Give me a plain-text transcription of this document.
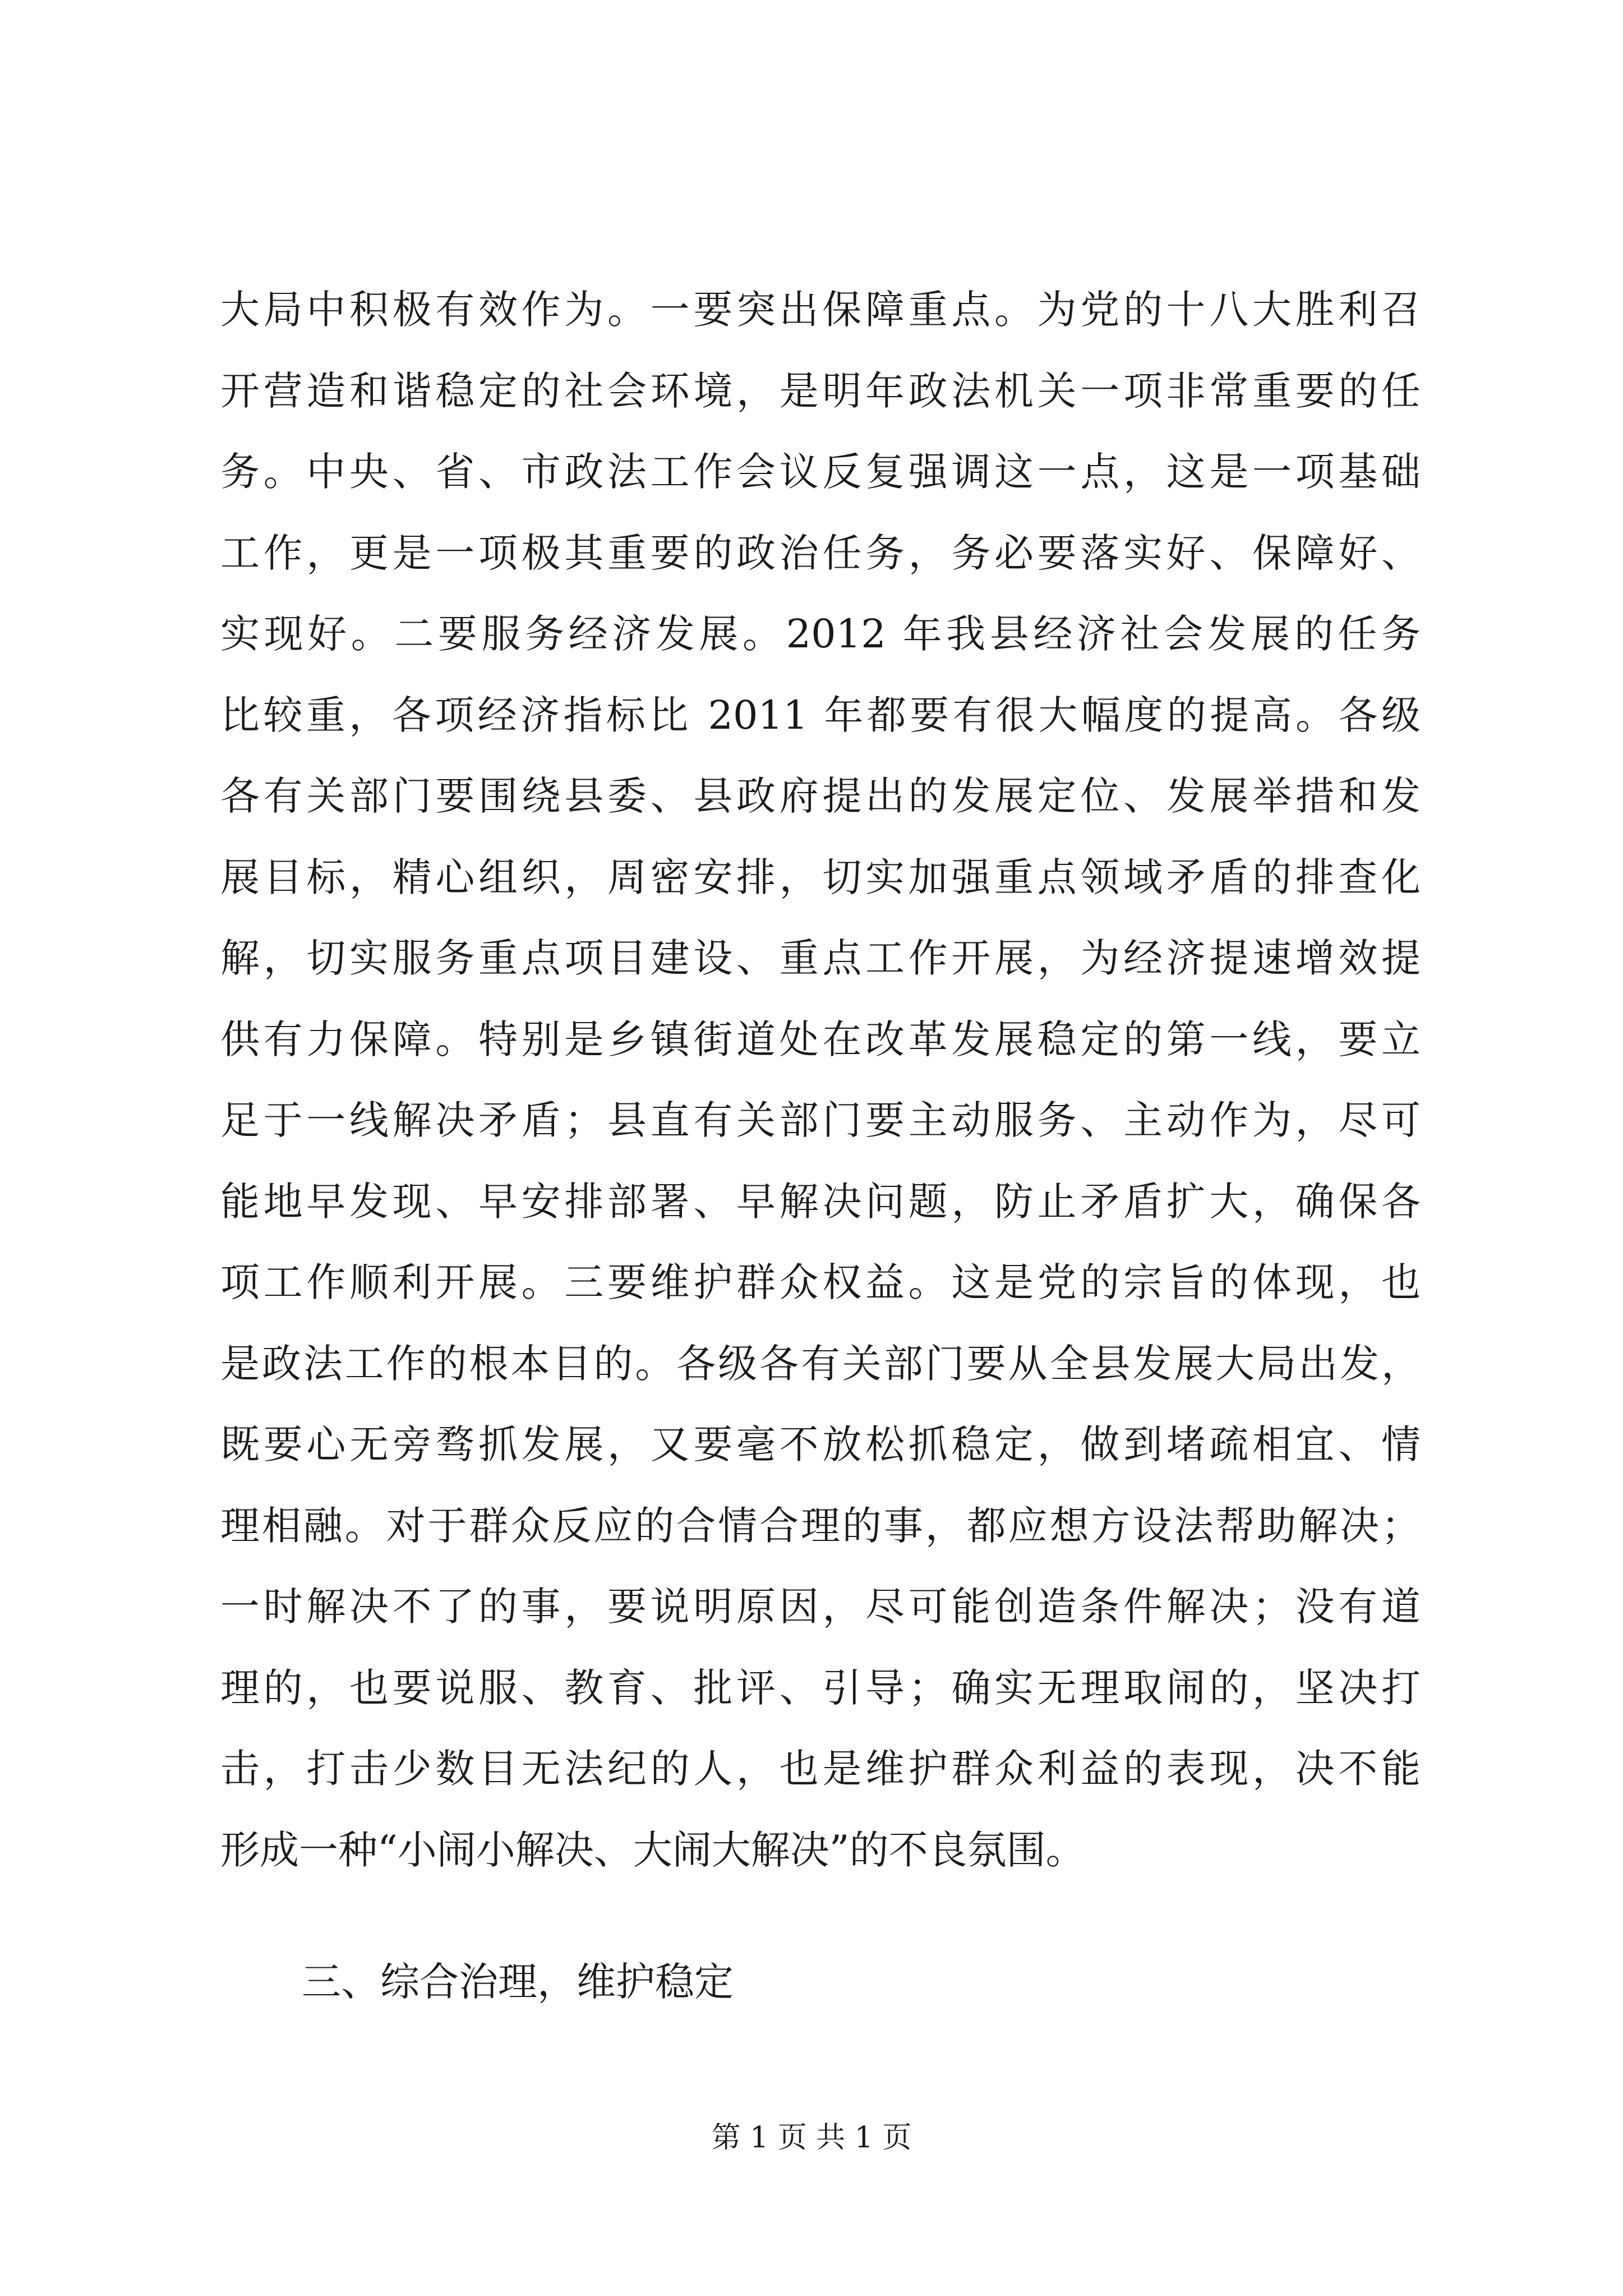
大局中积极有效作为。一要突出保障重点。为党的十八大胜利召
开营造和谐稳定的社会环境，是明年政法机关一项非常重要的任
务。中央、省、市政法工作会议反复强调这一点，这是一项基础
工作，更是一项极其重要的政治任务，务必要落实好、保障好、
实现好。二要服务经济发展。2012 年我县经济社会发展的任务
比较重，各项经济指标比 2011 年都要有很大幅度的提高。各级
各有关部门要围绕县委、县政府提出的发展定位、发展举措和发
展目标，精心组织，周密安排，切实加强重点领域矛盾的排查化
解，切实服务重点项目建设、重点工作开展，为经济提速增效提
供有力保障。特别是乡镇街道处在改革发展稳定的第一线，要立
足于一线解决矛盾；县直有关部门要主动服务、主动作为，尽可
能地早发现、早安排部署、早解决问题，防止矛盾扩大，确保各
项工作顺利开展。三要维护群众权益。这是党的宗旨的体现，也
是政法工作的根本目的。各级各有关部门要从全县发展大局出发，
既要心无旁骛抓发展，又要毫不放松抓稳定，做到堵疏相宜、情
理相融。对于群众反应的合情合理的事，都应想方设法帮助解决；
一时解决不了的事，要说明原因，尽可能创造条件解决；没有道
理的，也要说服、教育、批评、引导；确实无理取闹的，坚决打
击，打击少数目无法纪的人，也是维护群众利益的表现，决不能
形成一种“小闹小解决、大闹大解决”的不良氛围。
三、综合治理，维护稳定
第 1 页 共 1 页
